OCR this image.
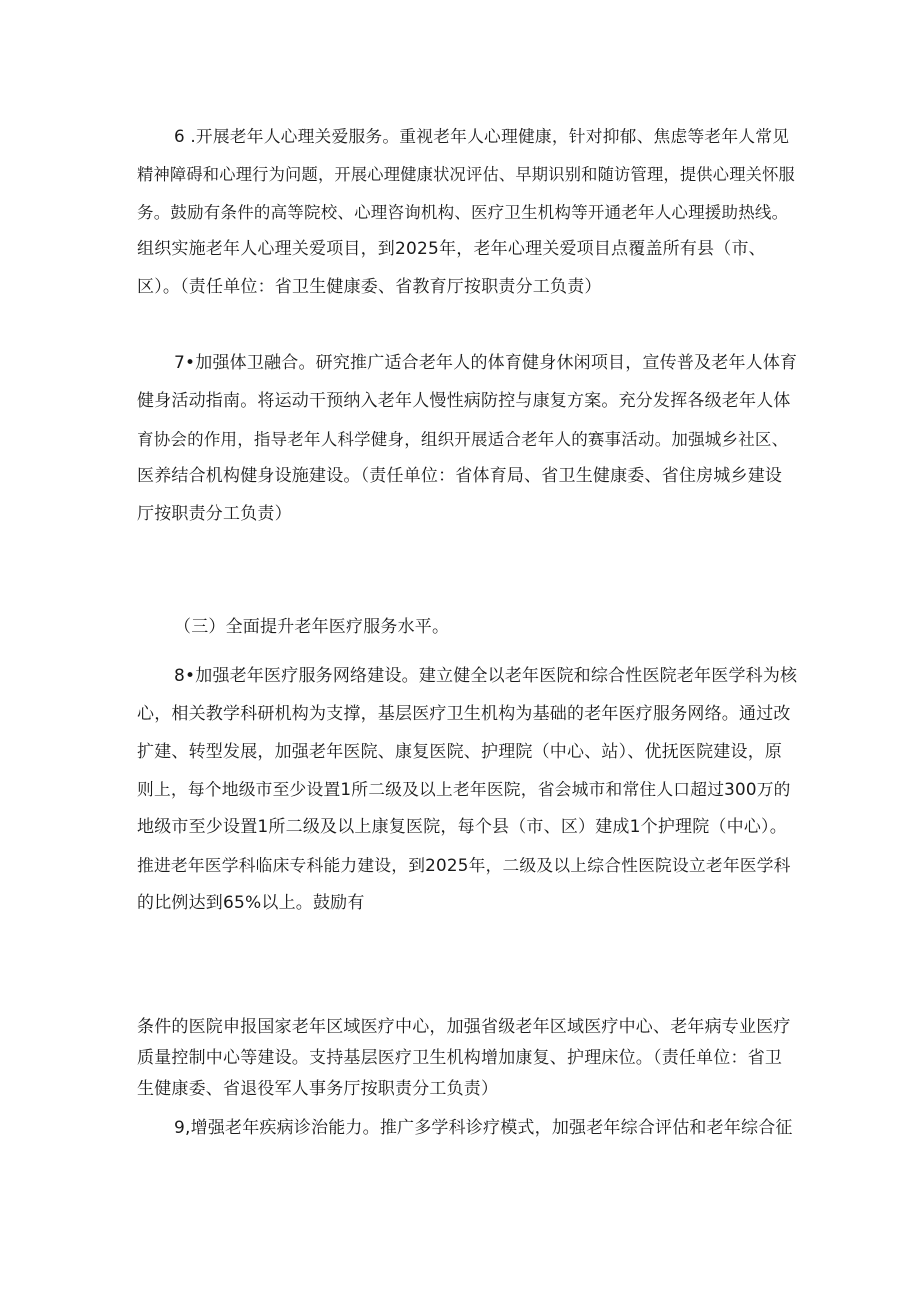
6 .开展老年人心理关爱服务。重视老年人心理健康，针对抑郁、焦虑等老年人常见
精神障碍和心理行为问题，开展心理健康状况评估、早期识别和随访管理，提供心理关怀服
务。鼓励有条件的高等院校、心理咨询机构、医疗卫生机构等开通老年人心理援助热线。
组织实施老年人心理关爱项目，到2025年，老年心理关爱项目点覆盖所有县（市、
区）。（责任单位：省卫生健康委、省教育厅按职责分工负责）
7•加强体卫融合。研究推广适合老年人的体育健身休闲项目，宣传普及老年人体育
健身活动指南。将运动干预纳入老年人慢性病防控与康复方案。充分发挥各级老年人体
育协会的作用，指导老年人科学健身，组织开展适合老年人的赛事活动。加强城乡社区、
医养结合机构健身设施建设。（责任单位：省体育局、省卫生健康委、省住房城乡建设
厅按职责分工负责）
（三）全面提升老年医疗服务水平。
8•加强老年医疗服务网络建设。建立健全以老年医院和综合性医院老年医学科为核
心，相关教学科研机构为支撑，基层医疗卫生机构为基础的老年医疗服务网络。通过改
扩建、转型发展，加强老年医院、康复医院、护理院（中心、站）、优抚医院建设，原
则上，每个地级市至少设置1所二级及以上老年医院，省会城市和常住人口超过300万的
地级市至少设置1所二级及以上康复医院，每个县（市、区）建成1个护理院（中心）。
推进老年医学科临床专科能力建设，到2025年，二级及以上综合性医院设立老年医学科
的比例达到65%以上。鼓励有
条件的医院申报国家老年区域医疗中心，加强省级老年区域医疗中心、老年病专业医疗
质量控制中心等建设。支持基层医疗卫生机构增加康复、护理床位。（责任单位：省卫
生健康委、省退役军人事务厅按职责分工负责）
9,增强老年疾病诊治能力。推广多学科诊疗模式，加强老年综合评估和老年综合征
